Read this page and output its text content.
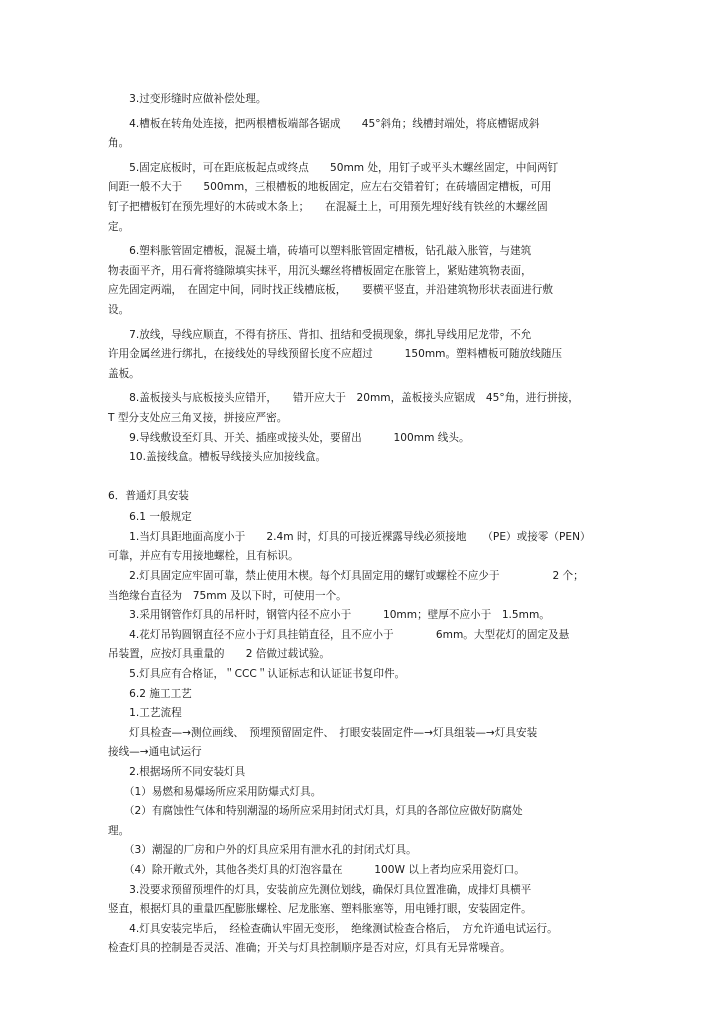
　　3.过变形缝时应做补偿处理。

　　4.槽板在转角处连接，把两根槽板端部各锯成　　45°斜角；线槽封端处，将底槽锯成斜

角。

　　5.固定底板时，可在距底板起点或终点　　50mm 处，用钉子或平头木螺丝固定，中间两钉

间距一般不大于　　500mm，三根槽板的地板固定，应左右交错着钉；在砖墙固定槽板，可用

钉子把槽板钉在预先埋好的木砖或木条上；　　在混凝土上，可用预先埋好线有铁丝的木螺丝固

定。

　　6.塑料胀管固定槽板，混凝土墙，砖墙可以塑料胀管固定槽板，钻孔敲入胀管，与建筑

物表面平齐，用石膏将缝隙填实抹平，用沉头螺丝将槽板固定在胀管上，紧贴建筑物表面，

应先固定两端，　在固定中间，同时找正线槽底板，　　要横平竖直，并沿建筑物形状表面进行敷

设。

　　7.放线，导线应顺直，不得有挤压、背扣、扭结和受损现象，绑扎导线用尼龙带，不允

许用金属丝进行绑扎，在接线处的导线预留长度不应超过　　　150mm。塑料槽板可随放线随压

盖板。

　　8.盖板接头与底板接头应错开，　　错开应大于　20mm，盖板接头应锯成　45°角，进行拼接，

T 型分支处应三角叉接，拼接应严密。

　　9.导线敷设至灯具、开关、插座或接头处，要留出　　　100mm 线头。

　　10.盖接线盒。槽板导线接头应加接线盒。

6．普通灯具安装

　　6.1 一般规定

　　1.当灯具距地面高度小于　　2.4m 时，灯具的可接近裸露导线必须接地　　（PE）或接零（PEN）

可靠，并应有专用接地螺栓，且有标识。

　　2.灯具固定应牢固可靠，禁止使用木楔。每个灯具固定用的螺钉或螺栓不应少于　　　　　2 个；

当绝缘台直径为　75mm 及以下时，可使用一个。

　　3.采用钢管作灯具的吊杆时，钢管内径不应小于　　　10mm；壁厚不应小于　1.5mm。

　　4.花灯吊钩圆钢直径不应小于灯具挂销直径，且不应小于　　　　6mm。大型花灯的固定及悬

吊装置，应按灯具重量的　　2 倍做过载试验。

　　5.灯具应有合格证，＂CCC＂认证标志和认证证书复印件。

　　6.2 施工工艺

　　1.工艺流程

　　灯具检查—→测位画线、　预埋预留固定件、　打眼安装固定件—→灯具组装—→灯具安装

接线—→通电试运行

　　2.根据场所不同安装灯具

　　（1）易燃和易爆场所应采用防爆式灯具。

　　（2）有腐蚀性气体和特别潮湿的场所应采用封闭式灯具，灯具的各部位应做好防腐处

理。

　　（3）潮湿的厂房和户外的灯具应采用有泄水孔的封闭式灯具。

　　（4）除开敞式外，其他各类灯具的灯泡容量在　　　100W 以上者均应采用瓷灯口。

　　3.没要求预留预埋件的灯具，安装前应先测位划线，确保灯具位置准确，成排灯具横平

竖直，根据灯具的重量匹配膨胀螺栓、尼龙胀塞、塑料胀塞等，用电锤打眼，安装固定件。

　　4.灯具安装完毕后，　经检查确认牢固无变形，　绝缘测试检查合格后，　方允许通电试运行。

检查灯具的控制是否灵活、准确；开关与灯具控制顺序是否对应，灯具有无异常噪音。
